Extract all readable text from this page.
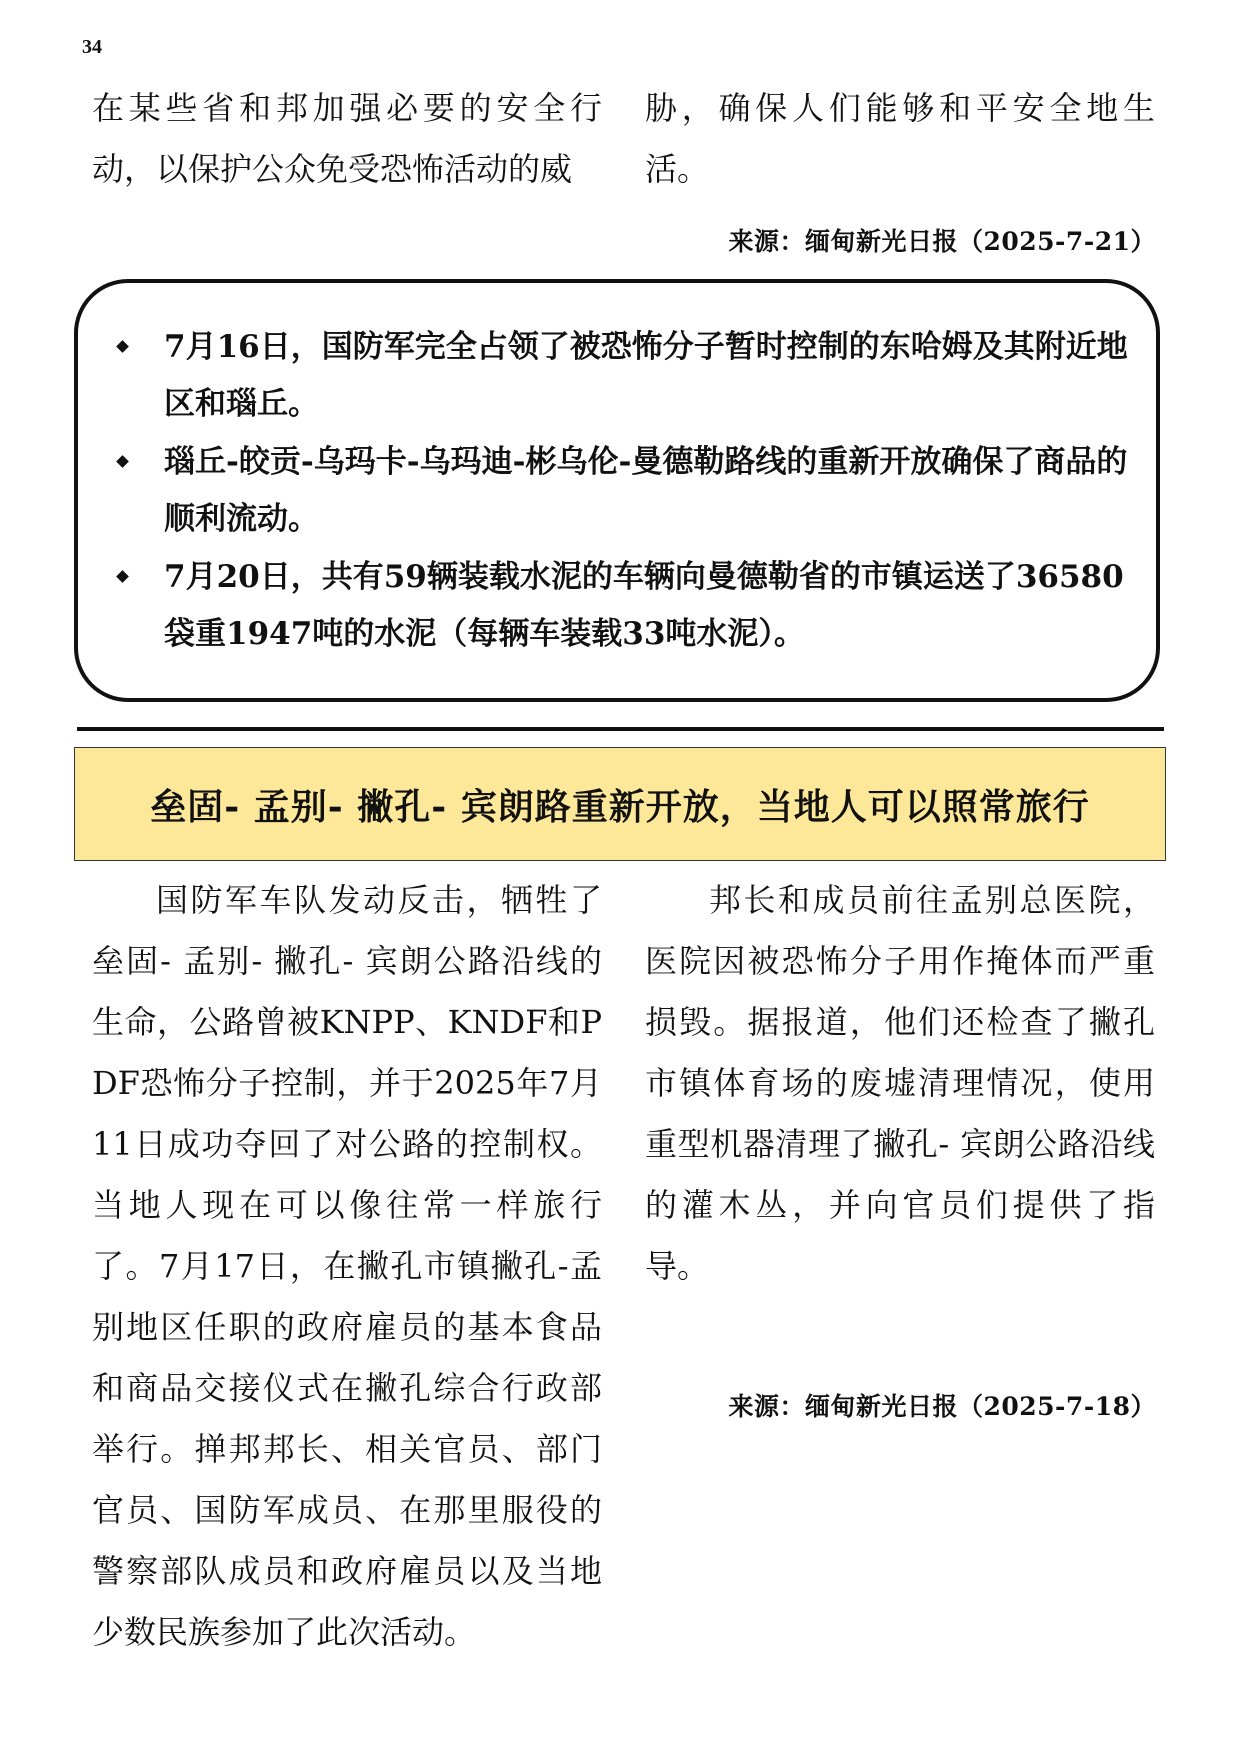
34

在某些省和邦加强必要的安全行动，以保护公众免受恐怖活动的威

胁，确保人们能够和平安全地生活。

来源：缅甸新光日报（2025-7-21）
7月16日，国防军完全占领了被恐怖分子暂时控制的东哈姆及其附近地区和瑙丘。
瑙丘-皎贡-乌玛卡-乌玛迪-彬乌伦-曼德勒路线的重新开放确保了商品的顺利流动。
7月20日，共有59辆装载水泥的车辆向曼德勒省的市镇运送了36580袋重1947吨的水泥（每辆车装载33吨水泥）。
垒固- 孟别- 撇孔- 宾朗路重新开放，当地人可以照常旅行

国防军车队发动反击，牺牲了垒固- 孟别- 撇孔- 宾朗公路沿线的生命，公路曾被KNPP、KNDF和PDF恐怖分子控制，并于2025年7月11日成功夺回了对公路的控制权。当地人现在可以像往常一样旅行了。7月17日，在撇孔市镇撇孔-孟别地区任职的政府雇员的基本食品和商品交接仪式在撇孔综合行政部举行。掸邦邦长、相关官员、部门官员、国防军成员、在那里服役的警察部队成员和政府雇员以及当地少数民族参加了此次活动。

邦长和成员前往孟别总医院，医院因被恐怖分子用作掩体而严重损毁。据报道，他们还检查了撇孔市镇体育场的废墟清理情况，使用重型机器清理了撇孔- 宾朗公路沿线的灌木丛，并向官员们提供了指导。

来源：缅甸新光日报（2025-7-18）
